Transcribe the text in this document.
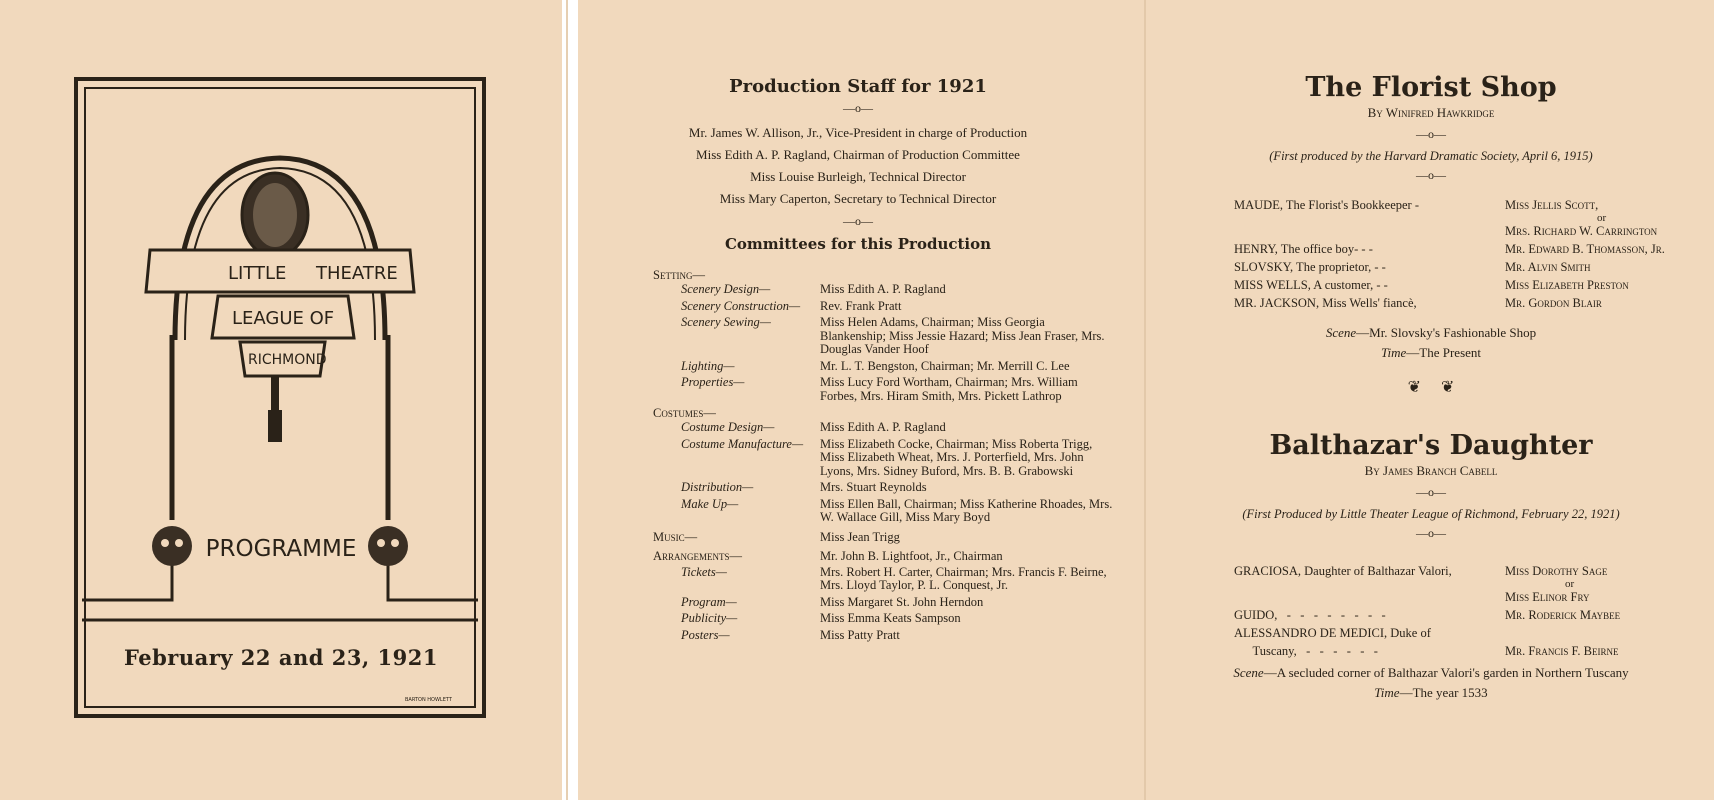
LITTLE THEATRE
LEAGUE OF
RICHMOND
PROGRAMME
February 22 and 23, 1921
BARTON HOWLETT
Production Staff for 1921
—o—
Mr. James W. Allison, Jr., Vice-President in charge of Production
Miss Edith A. P. Ragland, Chairman of Production Committee
Miss Louise Burleigh, Technical Director
Miss Mary Caperton, Secretary to Technical Director
—o—
Committees for this Production
Setting—
Scenery Design—	Miss Edith A. P. Ragland
Scenery Construction—	Rev. Frank Pratt
Scenery Sewing—	Miss Helen Adams, Chairman; Miss Georgia Blankenship; Miss Jessie Hazard; Miss Jean Fraser, Mrs. Douglas Vander Hoof
Lighting—	Mr. L. T. Bengston, Chairman; Mr. Merrill C. Lee
Properties—	Miss Lucy Ford Wortham, Chairman; Mrs. William Forbes, Mrs. Hiram Smith, Mrs. Pickett Lathrop
Costumes—
Costume Design—	Miss Edith A. P. Ragland
Costume Manufacture—	Miss Elizabeth Cocke, Chairman; Miss Roberta Trigg, Miss Elizabeth Wheat, Mrs. J. Porterfield, Mrs. John Lyons, Mrs. Sidney Buford, Mrs. B. B. Grabowski
Distribution—	Mrs. Stuart Reynolds
Make Up—	Miss Ellen Ball, Chairman; Miss Katherine Rhoades, Mrs. W. Wallace Gill, Miss Mary Boyd
Music—	Miss Jean Trigg
Arrangements—	Mr. John B. Lightfoot, Jr., Chairman
Tickets—	Mrs. Robert H. Carter, Chairman; Mrs. Francis F. Beirne, Mrs. Lloyd Taylor, P. L. Conquest, Jr.
Program—	Miss Margaret St. John Herndon
Publicity—	Miss Emma Keats Sampson
Posters—	Miss Patty Pratt
The Florist Shop
By Winifred Hawkridge
—o—
(First produced by the Harvard Dramatic Society, April 6, 1915)
—o—
MAUDE, The Florist's Bookkeeper -	Miss Jellis Scott,
or
Mrs. Richard W. Carrington
HENRY, The office boy- - -	Mr. Edward B. Thomasson, Jr.
SLOVSKY, The proprietor, - -	Mr. Alvin Smith
MISS WELLS, A customer, - -	Miss Elizabeth Preston
MR. JACKSON, Miss Wells' fiancè,	Mr. Gordon Blair
Scene—Mr. Slovsky's Fashionable Shop
Time—The Present
❦     ❦
Balthazar's Daughter
By James Branch Cabell
—o—
(First Produced by Little Theater League of Richmond, February 22, 1921)
—o—
GRACIOSA, Daughter of Balthazar Valori,	Miss Dorothy Sage
or
Miss Elinor Fry
GUIDO,   -   -   -   -   -   -   -   -	Mr. Roderick Maybee
ALESSANDRO DE MEDICI, Duke of
Tuscany,   -   -   -   -   -   -	Mr. Francis F. Beirne
Scene—A secluded corner of Balthazar Valori's garden in Northern Tuscany
Time—The year 1533
